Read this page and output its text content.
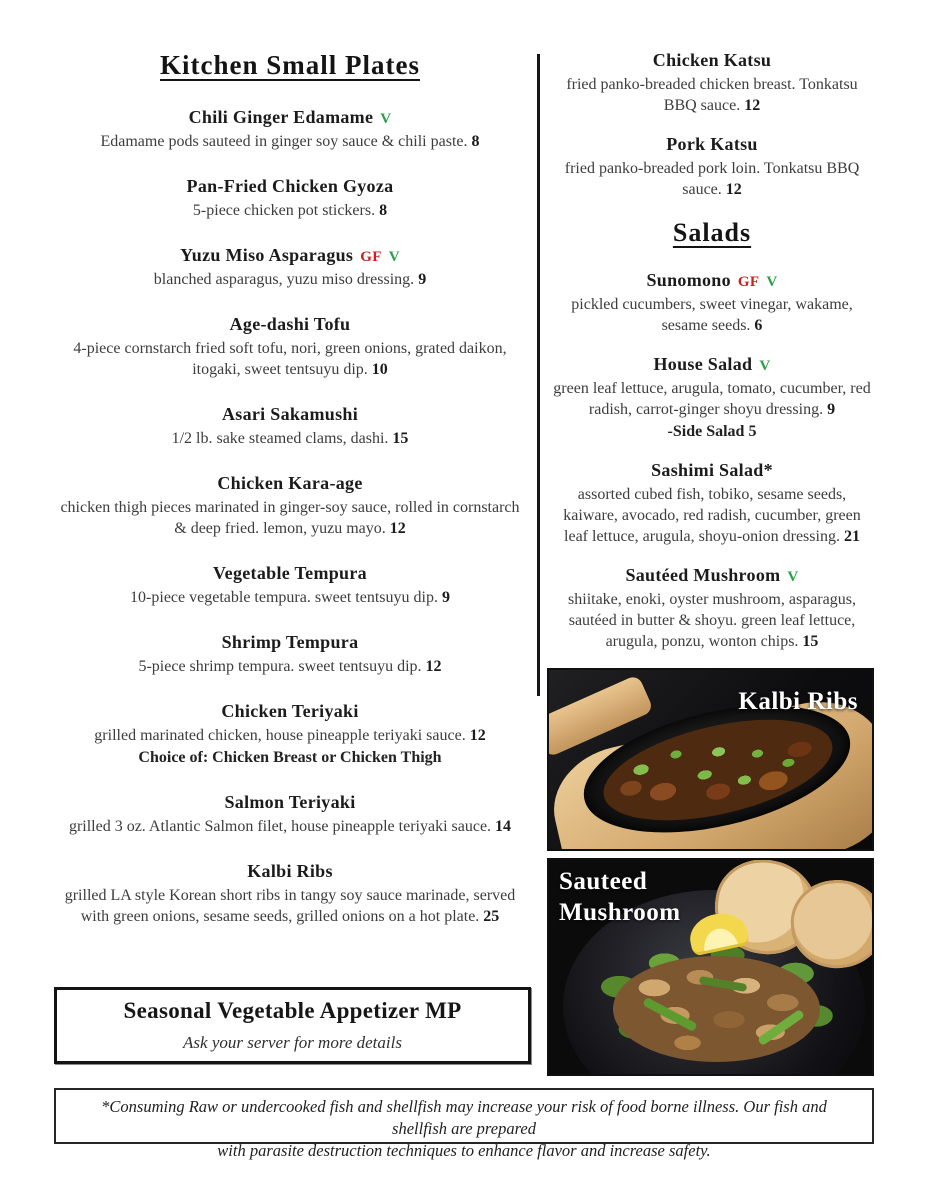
Kitchen Small Plates
Chili Ginger Edamame V
Edamame pods sauteed in ginger soy sauce & chili paste. 8
Pan-Fried Chicken Gyoza
5-piece chicken pot stickers. 8
Yuzu Miso Asparagus GF V
blanched asparagus, yuzu miso dressing. 9
Age-dashi Tofu
4-piece cornstarch fried soft tofu, nori, green onions, grated daikon, itogaki, sweet tentsuyu dip. 10
Asari Sakamushi
1/2 lb. sake steamed clams, dashi. 15
Chicken Kara-age
chicken thigh pieces marinated in ginger-soy sauce, rolled in cornstarch & deep fried. lemon, yuzu mayo. 12
Vegetable Tempura
10-piece vegetable tempura. sweet tentsuyu dip. 9
Shrimp Tempura
5-piece shrimp tempura. sweet tentsuyu dip. 12
Chicken Teriyaki
grilled marinated chicken, house pineapple teriyaki sauce. 12
Choice of: Chicken Breast or Chicken Thigh
Salmon Teriyaki
grilled 3 oz. Atlantic Salmon filet, house pineapple teriyaki sauce. 14
Kalbi Ribs
grilled LA style Korean short ribs in tangy soy sauce marinade, served with green onions, sesame seeds, grilled onions on a hot plate. 25
Chicken Katsu
fried panko-breaded chicken breast. Tonkatsu BBQ sauce. 12
Pork Katsu
fried panko-breaded pork loin. Tonkatsu BBQ sauce. 12
Salads
Sunomono GF V
pickled cucumbers, sweet vinegar, wakame, sesame seeds. 6
House Salad V
green leaf lettuce, arugula, tomato, cucumber, red radish, carrot-ginger shoyu dressing. 9
-Side Salad 5
Sashimi Salad*
assorted cubed fish, tobiko, sesame seeds, kaiware, avocado, red radish, cucumber, green leaf lettuce, arugula, shoyu-onion dressing. 21
Sautéed Mushroom V
shiitake, enoki, oyster mushroom, asparagus, sautéed in butter & shoyu. green leaf lettuce, arugula, ponzu, wonton chips. 15
Kalbi Ribs
Sauteed Mushroom
Seasonal Vegetable Appetizer MP
Ask your server for more details
*Consuming Raw or undercooked fish and shellfish may increase your risk of food borne illness. Our fish and shellfish are prepared
with parasite destruction techniques to enhance flavor and increase safety.
